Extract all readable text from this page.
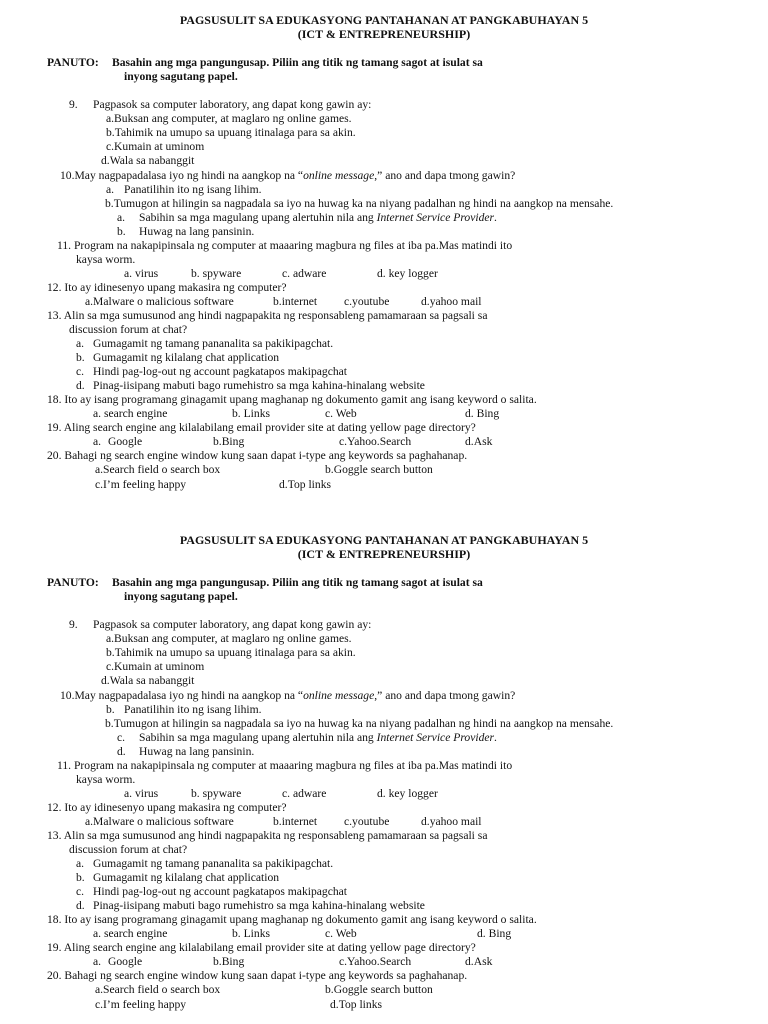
PAGSUSULIT SA EDUKASYONG PANTAHANAN AT PANGKABUHAYAN 5
(ICT & ENTREPRENEURSHIP)
PANUTO: Basahin ang mga pangungusap. Piliin ang titik ng tamang sagot at isulat sa
inyong sagutang papel.
9. Pagpasok sa computer laboratory, ang dapat kong gawin ay:
a.Buksan ang computer, at maglaro ng online games.
b.Tahimik na umupo sa upuang itinalaga para sa akin.
c.Kumain at uminom
d.Wala sa nabanggit
10.May nagpapadalasa iyo ng hindi na aangkop na “online message,” ano and dapa tmong gawin?
a. Panatilihin ito ng isang lihim.
b.Tumugon at hilingin sa nagpadala sa iyo na huwag ka na niyang padalhan ng hindi na aangkop na mensahe.
a. Sabihin sa mga magulang upang alertuhin nila ang Internet Service Provider.
b. Huwag na lang pansinin.
11. Program na nakapipinsala ng computer at maaaring magbura ng files at iba pa.Mas matindi ito
kaysa worm.
a. virus	b. spyware	c. adware	d. key logger
12. Ito ay idinesenyo upang makasira ng computer?
a.Malware o malicious software	b.internet c.youtube	d.yahoo mail
13. Alin sa mga sumusunod ang hindi nagpapakita ng responsableng pamamaraan sa pagsali sa
discussion forum at chat?
a. Gumagamit ng tamang pananalita sa pakikipagchat.
b. Gumagamit ng kilalang chat application
c. Hindi pag-log-out ng account pagkatapos makipagchat
d. Pinag-iisipang mabuti bago rumehistro sa mga kahina-hinalang website
18. Ito ay isang programang ginagamit upang maghanap ng dokumento gamit ang isang keyword o salita.
a. search engine	b. Links	c. Web	d. Bing
19. Aling search engine ang kilalabilang email provider site at dating yellow page directory?
a. Google	b.Bing	c.Yahoo.Search	d.Ask
20. Bahagi ng search engine window kung saan dapat i-type ang keywords sa paghahanap.
a.Search field o search box	b.Goggle search button
c.I’m feeling happy	d.Top links
PAGSUSULIT SA EDUKASYONG PANTAHANAN AT PANGKABUHAYAN 5
(ICT & ENTREPRENEURSHIP)
PANUTO: Basahin ang mga pangungusap. Piliin ang titik ng tamang sagot at isulat sa
inyong sagutang papel.
9. Pagpasok sa computer laboratory, ang dapat kong gawin ay:
a.Buksan ang computer, at maglaro ng online games.
b.Tahimik na umupo sa upuang itinalaga para sa akin.
c.Kumain at uminom
d.Wala sa nabanggit
10.May nagpapadalasa iyo ng hindi na aangkop na “online message,” ano and dapa tmong gawin?
b. Panatilihin ito ng isang lihim.
b.Tumugon at hilingin sa nagpadala sa iyo na huwag ka na niyang padalhan ng hindi na aangkop na mensahe.
c. Sabihin sa mga magulang upang alertuhin nila ang Internet Service Provider.
d. Huwag na lang pansinin.
11. Program na nakapipinsala ng computer at maaaring magbura ng files at iba pa.Mas matindi ito
kaysa worm.
a. virus	b. spyware	c. adware	d. key logger
12. Ito ay idinesenyo upang makasira ng computer?
a.Malware o malicious software	b.internet c.youtube	d.yahoo mail
13. Alin sa mga sumusunod ang hindi nagpapakita ng responsableng pamamaraan sa pagsali sa
discussion forum at chat?
a. Gumagamit ng tamang pananalita sa pakikipagchat.
b. Gumagamit ng kilalang chat application
c. Hindi pag-log-out ng account pagkatapos makipagchat
d. Pinag-iisipang mabuti bago rumehistro sa mga kahina-hinalang website
18. Ito ay isang programang ginagamit upang maghanap ng dokumento gamit ang isang keyword o salita.
a. search engine	b. Links	c. Web	d. Bing
19. Aling search engine ang kilalabilang email provider site at dating yellow page directory?
a. Google	b.Bing	c.Yahoo.Search	d.Ask
20. Bahagi ng search engine window kung saan dapat i-type ang keywords sa paghahanap.
a.Search field o search box	b.Goggle search button
c.I’m feeling happy	d.Top links
